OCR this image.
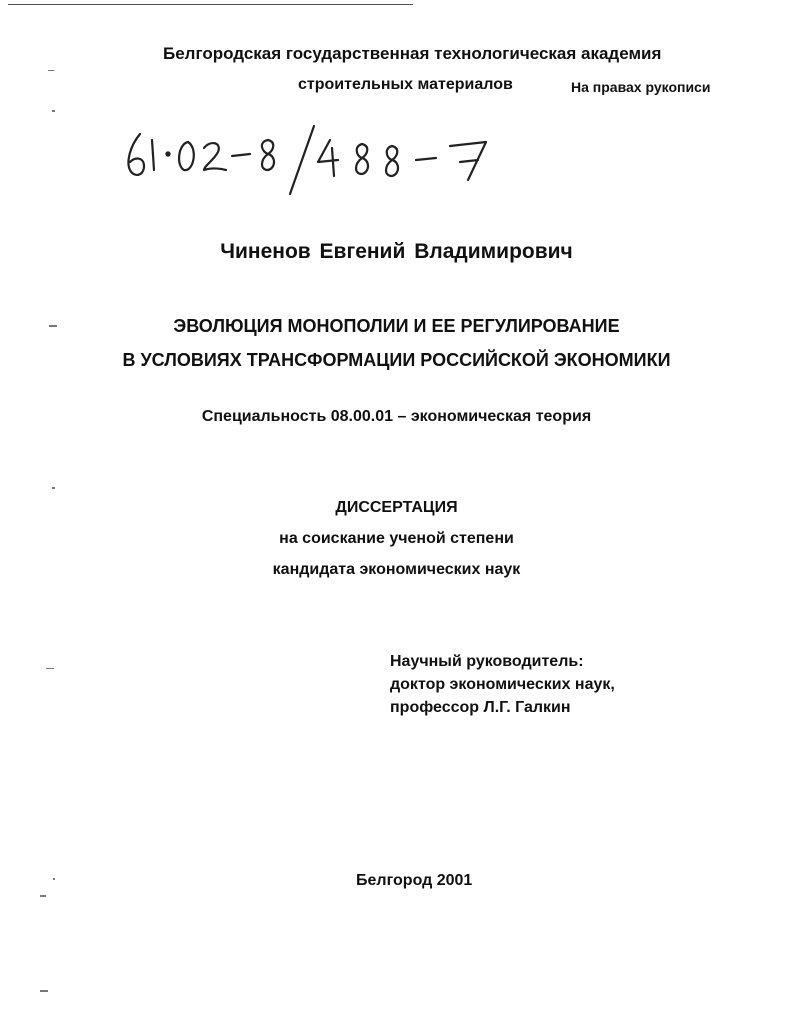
Белгородская государственная технологическая академия
строительных материалов	На правах рукописи
Чиненов Евгений Владимирович
ЭВОЛЮЦИЯ МОНОПОЛИИ И ЕЕ РЕГУЛИРОВАНИЕ
В УСЛОВИЯХ ТРАНСФОРМАЦИИ РОССИЙСКОЙ ЭКОНОМИКИ
Специальность 08.00.01 – экономическая теория
ДИССЕРТАЦИЯ
на соискание ученой степени
кандидата экономических наук
Научный руководитель:
доктор экономических наук,
профессор Л.Г. Галкин
Белгород 2001
